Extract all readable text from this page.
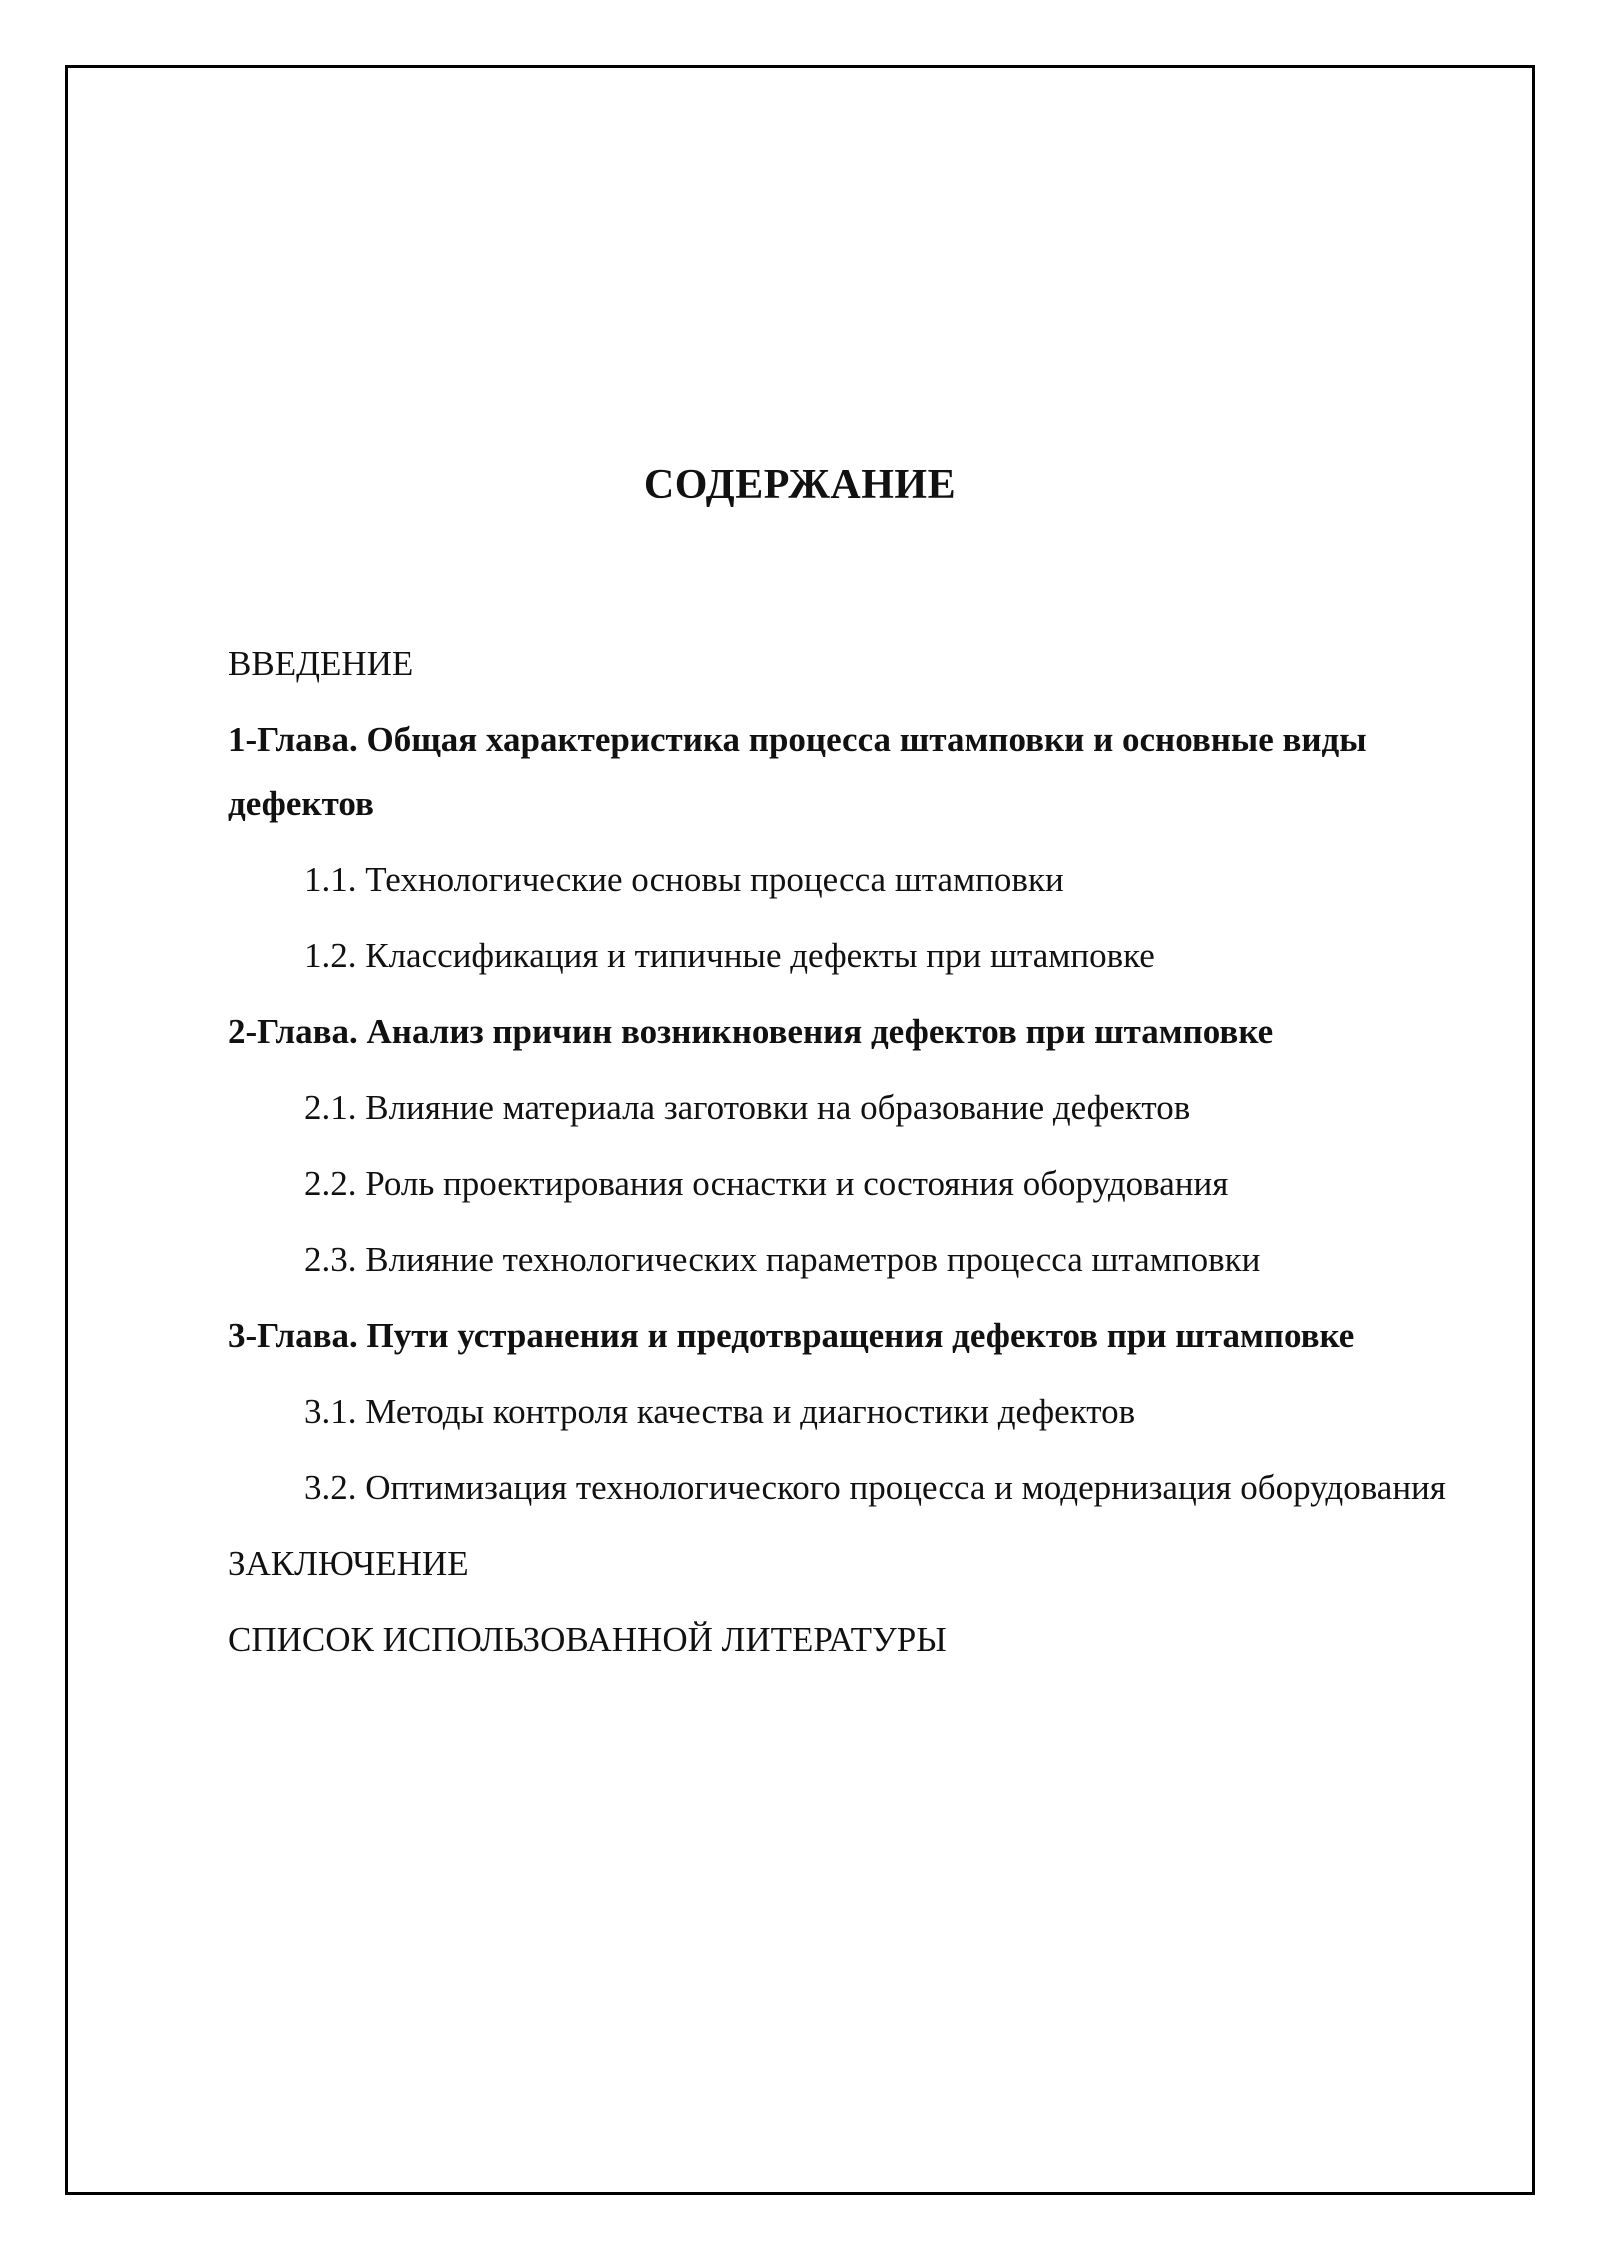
СОДЕРЖАНИЕ
ВВЕДЕНИЕ
1-Глава. Общая характеристика процесса штамповки и основные виды дефектов
1.1. Технологические основы процесса штамповки
1.2. Классификация и типичные дефекты при штамповке
2-Глава. Анализ причин возникновения дефектов при штамповке
2.1. Влияние материала заготовки на образование дефектов
2.2. Роль проектирования оснастки и состояния оборудования
2.3. Влияние технологических параметров процесса штамповки
3-Глава. Пути устранения и предотвращения дефектов при штамповке
3.1. Методы контроля качества и диагностики дефектов
3.2. Оптимизация технологического процесса и модернизация оборудования
ЗАКЛЮЧЕНИЕ
СПИСОК ИСПОЛЬЗОВАННОЙ ЛИТЕРАТУРЫ
